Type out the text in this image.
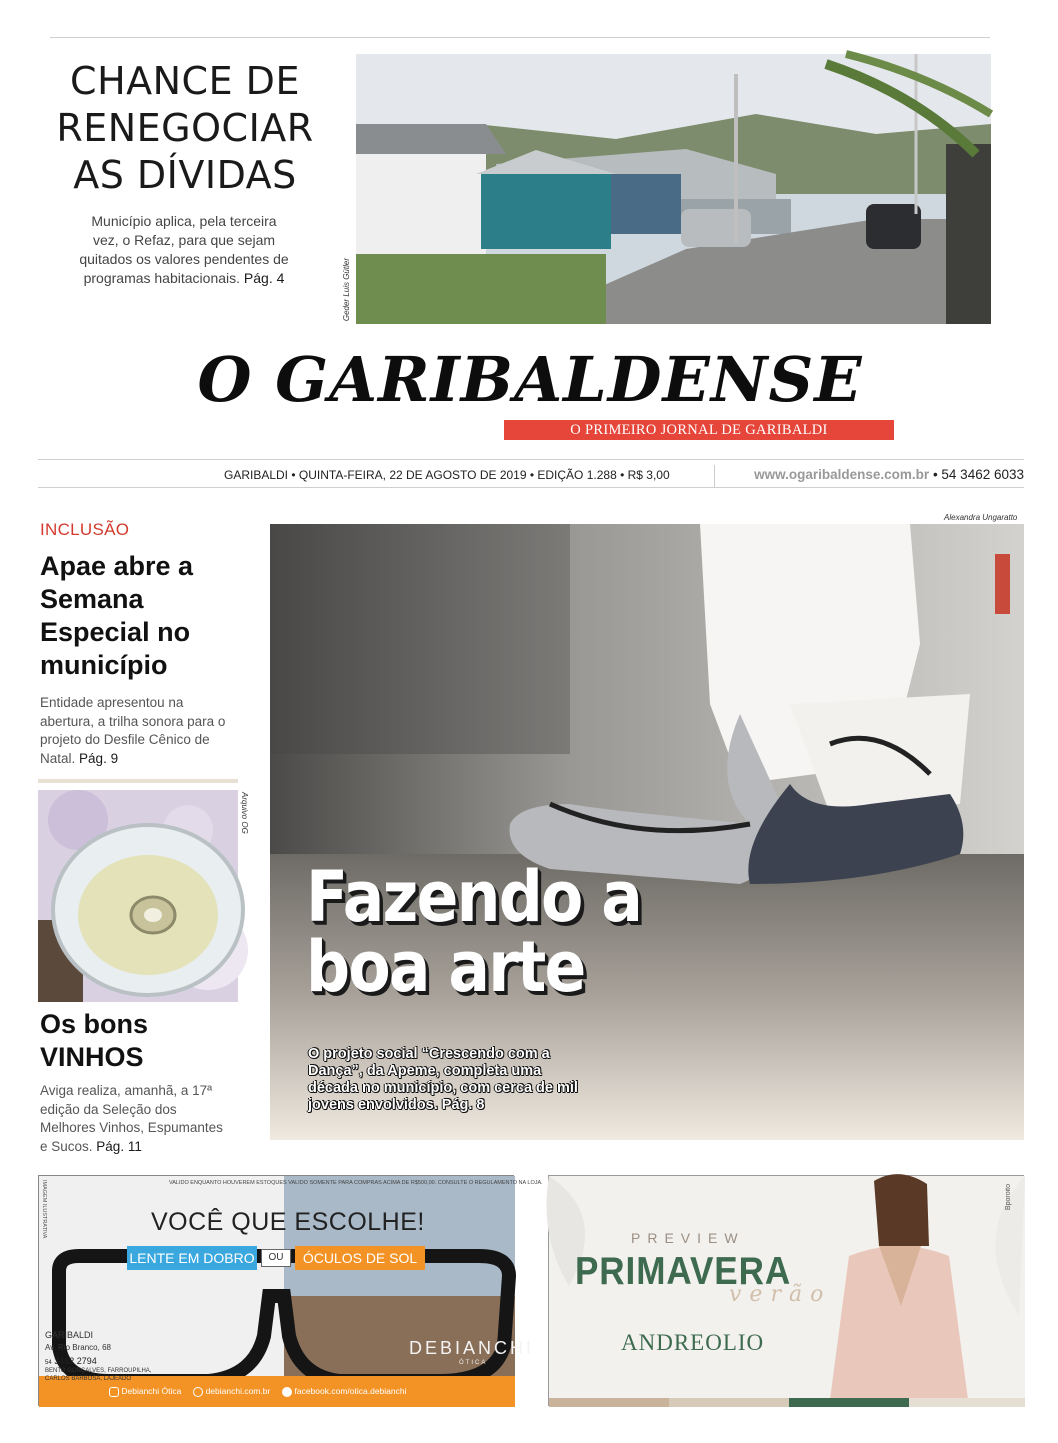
CHANCE DE
RENEGOCIAR
AS DÍVIDAS

Município aplica, pela terceira vez, o Refaz, para que sejam quitados os valores pendentes de programas habitacionais. Pág. 4	Geder Luis Gütler
O GARIBALDENSE
O PRIMEIRO JORNAL DE GARIBALDI
GARIBALDI • QUINTA-FEIRA, 22 DE AGOSTO DE 2019 • EDIÇÃO 1.288 • R$ 3,00	www.ogaribaldense.com.br • 54 3462 6033
INCLUSÃO
Apae abre a Semana Especial no município

Entidade apresentou na abertura, a trilha sonora para o projeto do Desfile Cênico de Natal. Pág. 9

Arquivo OG
Os bons
VINHOS

Aviga realiza, amanhã, a 17ª edição da Seleção dos Melhores Vinhos, Espumantes e Sucos. Pág. 11

Alexandra Ungaratto
Fazendo a
boa arte

O projeto social “Crescendo com a Dança”, da Apeme, completa uma década no município, com cerca de mil jovens envolvidos. Pág. 8

VALIDO ENQUANTO HOUVEREM ESTOQUES VALIDO SOMENTE PARA COMPRAS ACIMA DE R$500,00. CONSULTE O REGULAMENTO NA LOJA.
IMAGEM ILUSTRATIVA	VOCÊ QUE ESCOLHE!
LENTE EM DOBRO	OU	ÓCULOS DE SOL
GARIBALDI
Av. Rio Branco, 68
54 3462 2794
BENTO GONÇALVES, FARROUPILHA,
CARLOS BARBOSA, LAJEADO
DEBIANCHI
ÓTICA
Debianchi Ótica	debianchi.com.br	facebook.com/otica.debianchi
PREVIEW
PRIMAVERA
verão
ANDREOLIO
Bporoito
